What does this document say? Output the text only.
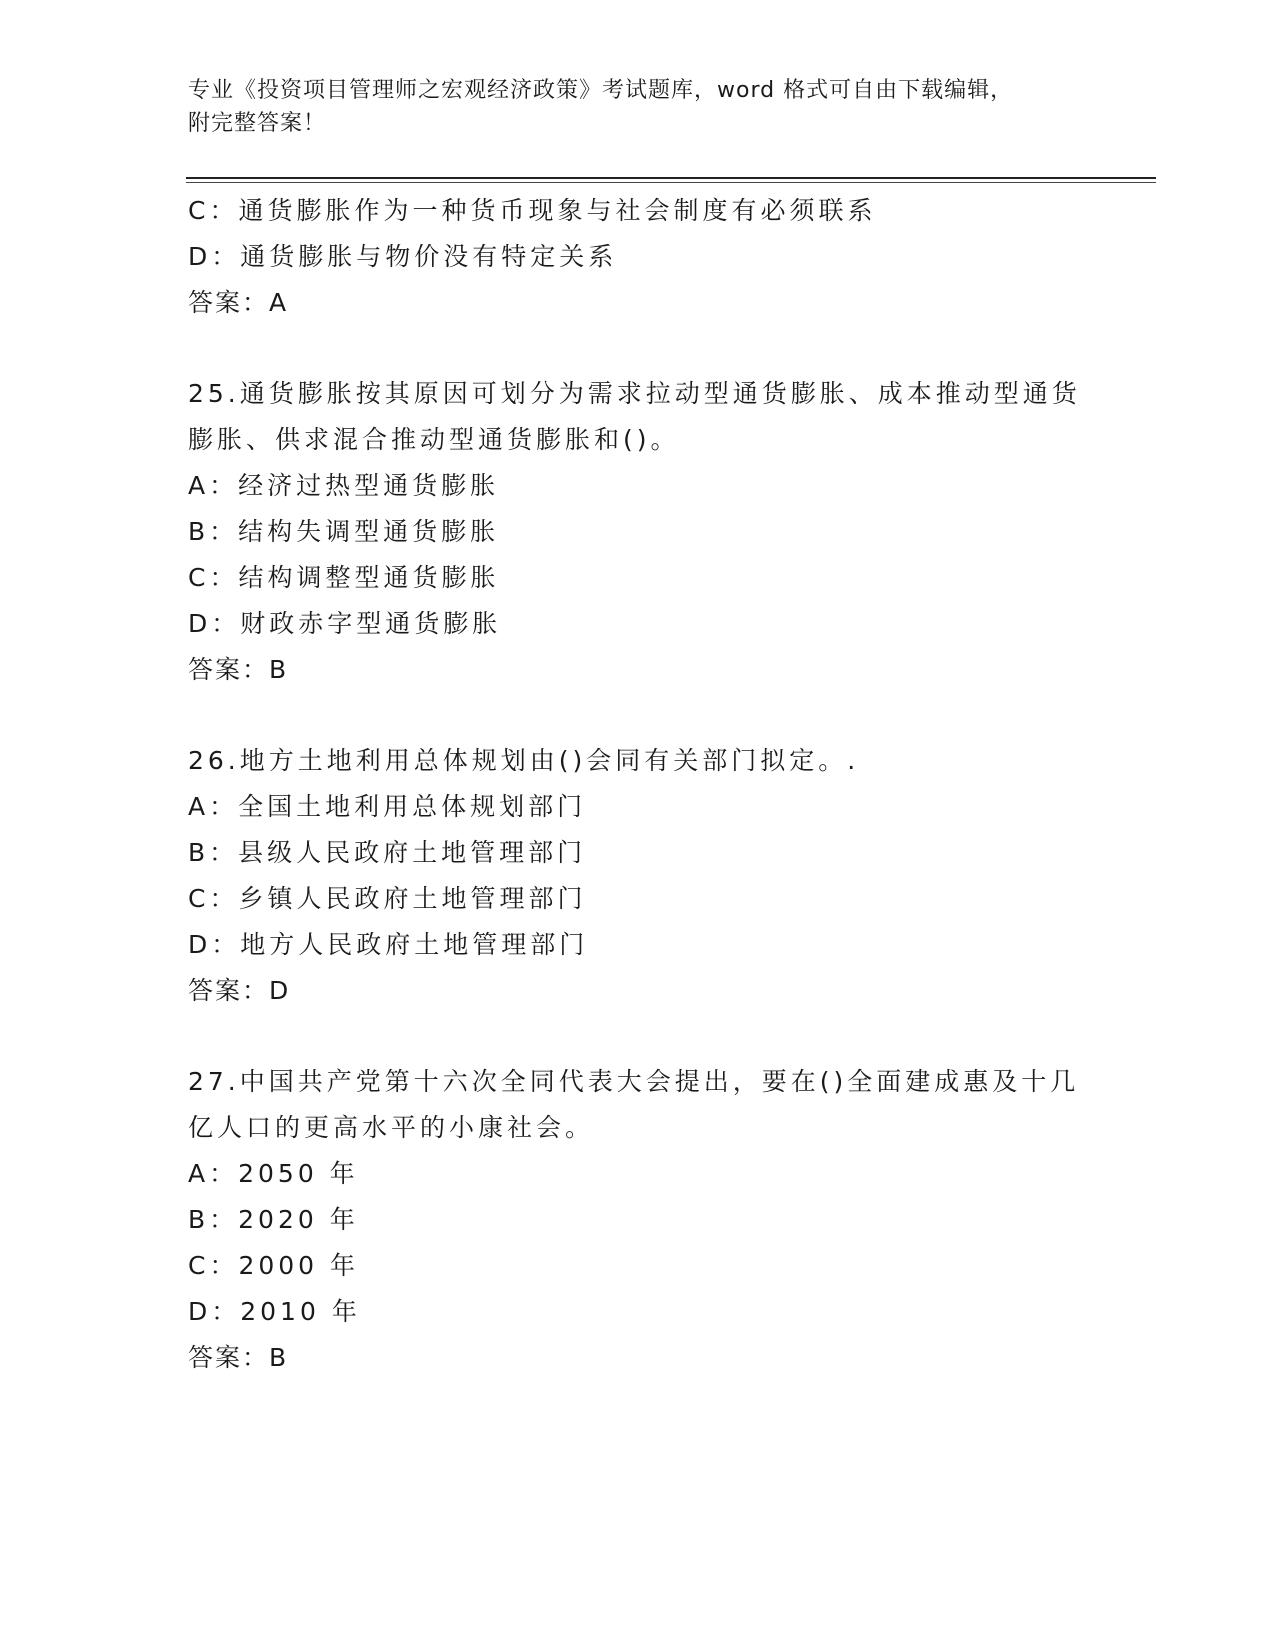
专业《投资项目管理师之宏观经济政策》考试题库，word 格式可自由下载编辑，
附完整答案！
C：通货膨胀作为一种货币现象与社会制度有必须联系
D：通货膨胀与物价没有特定关系
答案：A
25.通货膨胀按其原因可划分为需求拉动型通货膨胀、成本推动型通货
膨胀、供求混合推动型通货膨胀和()。
A：经济过热型通货膨胀
B：结构失调型通货膨胀
C：结构调整型通货膨胀
D：财政赤字型通货膨胀
答案：B
26.地方土地利用总体规划由()会同有关部门拟定。.
A：全国土地利用总体规划部门
B：县级人民政府土地管理部门
C：乡镇人民政府土地管理部门
D：地方人民政府土地管理部门
答案：D
27.中国共产党第十六次全同代表大会提出，要在()全面建成惠及十几
亿人口的更高水平的小康社会。
A：2050 年
B：2020 年
C：2000 年
D：2010 年
答案：B
